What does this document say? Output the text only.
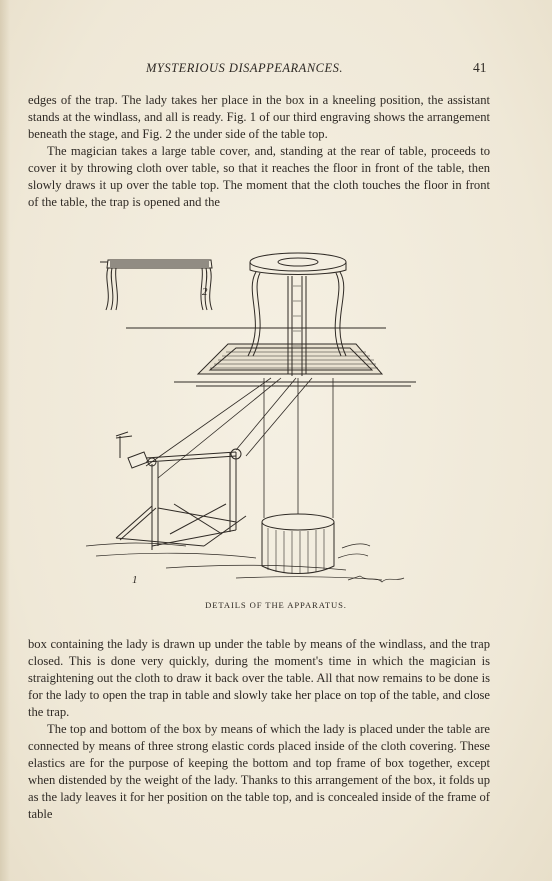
MYSTERIOUS DISAPPEARANCES.	41

edges of the trap. The lady takes her place in the box in a kneeling position, the assistant stands at the windlass, and all is ready. Fig. 1 of our third engraving shows the arrangement beneath the stage, and Fig. 2 the under side of the table top.

The magician takes a large table cover, and, standing at the rear of table, proceeds to cover it by throwing cloth over table, so that it reaches the floor in front of the table, then slowly draws it up over the table top. The moment that the cloth touches the floor in front of the table, the trap is opened and the

2
1
DETAILS OF THE APPARATUS.

box containing the lady is drawn up under the table by means of the windlass, and the trap closed. This is done very quickly, during the moment's time in which the magician is straightening out the cloth to draw it back over the table. All that now remains to be done is for the lady to open the trap in table and slowly take her place on top of the table, and close the trap.

The top and bottom of the box by means of which the lady is placed under the table are connected by means of three strong elastic cords placed inside of the cloth covering. These elastics are for the purpose of keeping the bottom and top frame of box together, except when distended by the weight of the lady. Thanks to this arrangement of the box, it folds up as the lady leaves it for her position on the table top, and is concealed inside of the frame of table
